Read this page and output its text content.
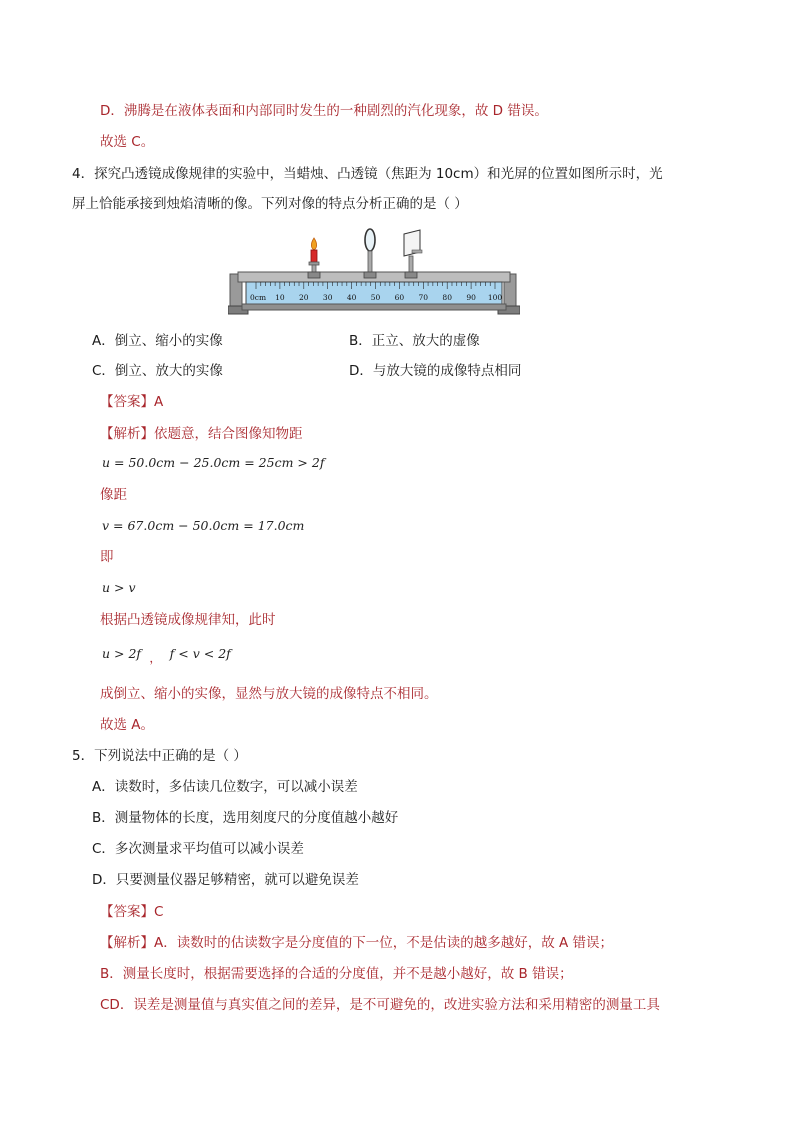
D．沸腾是在液体表面和内部同时发生的一种剧烈的汽化现象，故 D 错误。
故选 C。
4．探究凸透镜成像规律的实验中，当蜡烛、凸透镜（焦距为 10cm）和光屏的位置如图所示时，光
屏上恰能承接到烛焰清晰的像。下列对像的特点分析正确的是（ ）
0cm 10 20 30 40 50 60 70 80 90 100
A．倒立、缩小的实像	B．正立、放大的虚像
C．倒立、放大的实像	D．与放大镜的成像特点相同
【答案】A
【解析】依题意，结合图像知物距
u = 50.0cm − 25.0cm = 25cm > 2f
像距
v = 67.0cm − 50.0cm = 17.0cm
即
u > v
根据凸透镜成像规律知，此时
u > 2f ， f < v < 2f
成倒立、缩小的实像，显然与放大镜的成像特点不相同。
故选 A。
5．下列说法中正确的是（ ）
A．读数时，多估读几位数字，可以减小误差
B．测量物体的长度，选用刻度尺的分度值越小越好
C．多次测量求平均值可以减小误差
D．只要测量仪器足够精密，就可以避免误差
【答案】C
【解析】A．读数时的估读数字是分度值的下一位，不是估读的越多越好，故 A 错误；
B．测量长度时，根据需要选择的合适的分度值，并不是越小越好，故 B 错误；
CD．误差是测量值与真实值之间的差异，是不可避免的，改进实验方法和采用精密的测量工具
